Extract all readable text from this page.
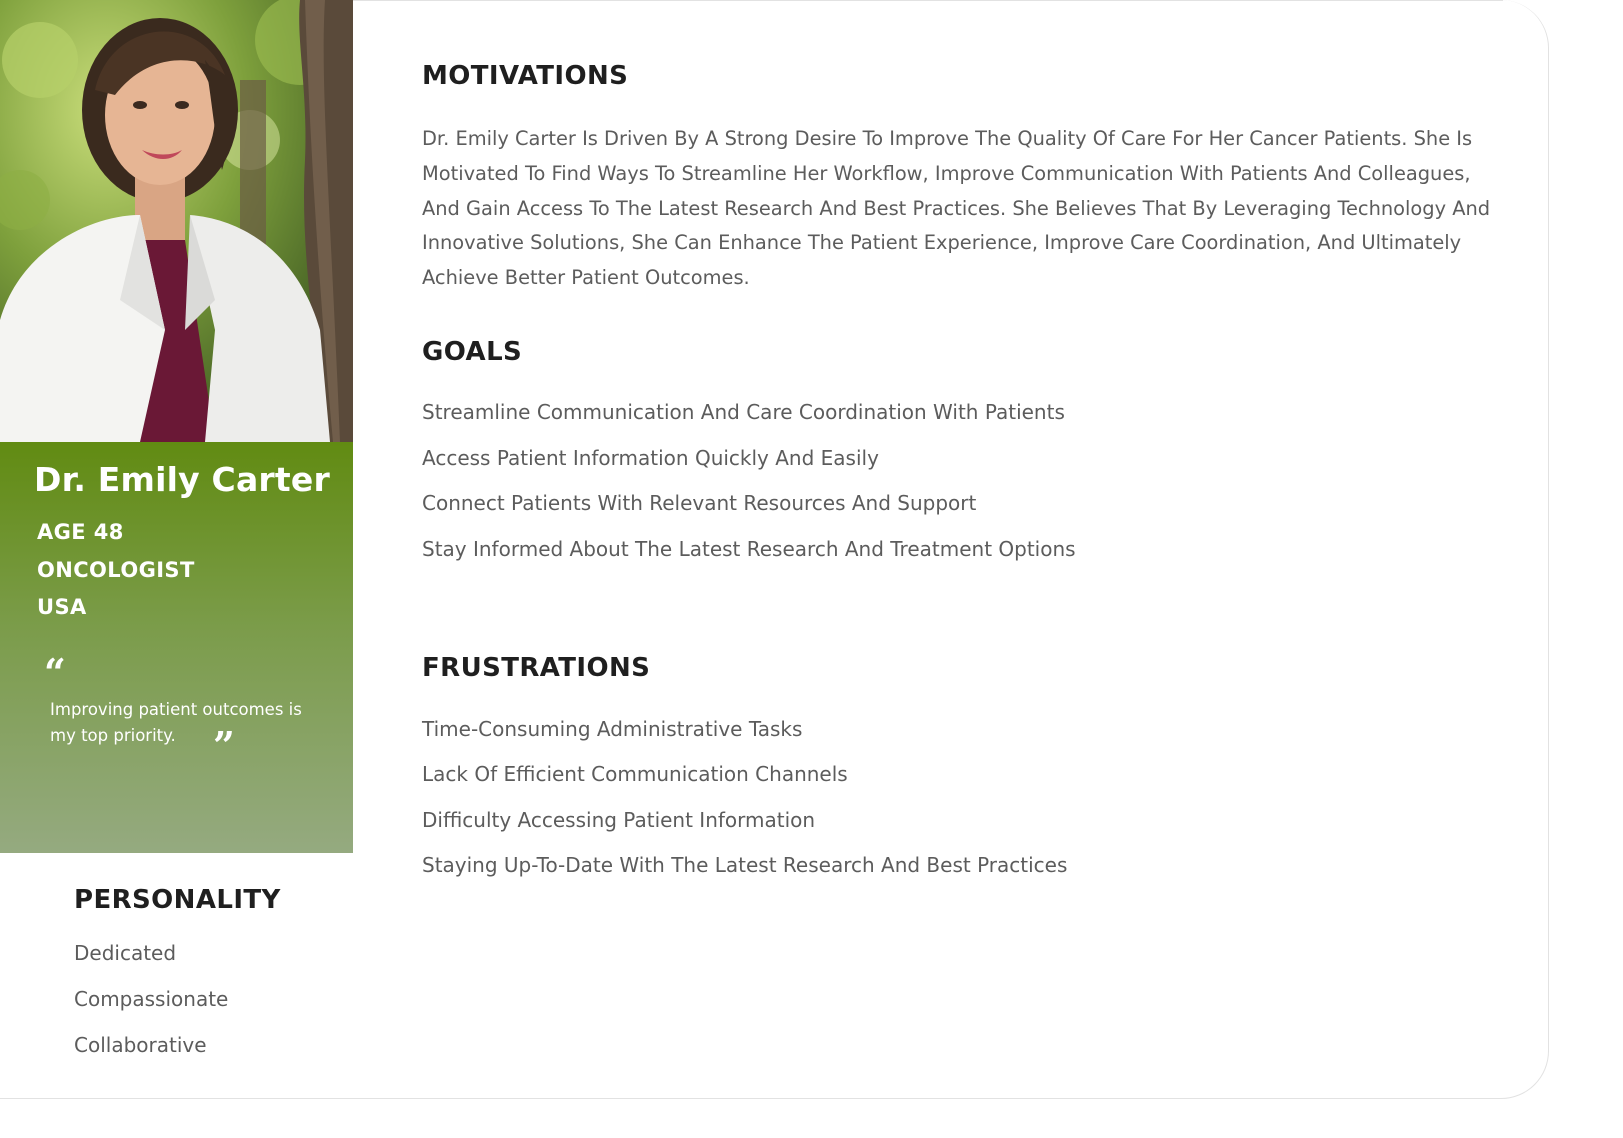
Dr. Emily Carter
AGE 48
ONCOLOGIST
USA
“
Improving patient outcomes is my top priority. ”
PERSONALITY
Dedicated
Compassionate
Collaborative
MOTIVATIONS
Dr. Emily Carter Is Driven By A Strong Desire To Improve The Quality Of Care For Her Cancer Patients. She Is Motivated To Find Ways To Streamline Her Workflow, Improve Communication With Patients And Colleagues, And Gain Access To The Latest Research And Best Practices. She Believes That By Leveraging Technology And Innovative Solutions, She Can Enhance The Patient Experience, Improve Care Coordination, And Ultimately Achieve Better Patient Outcomes.
GOALS
Streamline Communication And Care Coordination With Patients
Access Patient Information Quickly And Easily
Connect Patients With Relevant Resources And Support
Stay Informed About The Latest Research And Treatment Options
FRUSTRATIONS
Time-Consuming Administrative Tasks
Lack Of Efficient Communication Channels
Difficulty Accessing Patient Information
Staying Up-To-Date With The Latest Research And Best Practices
